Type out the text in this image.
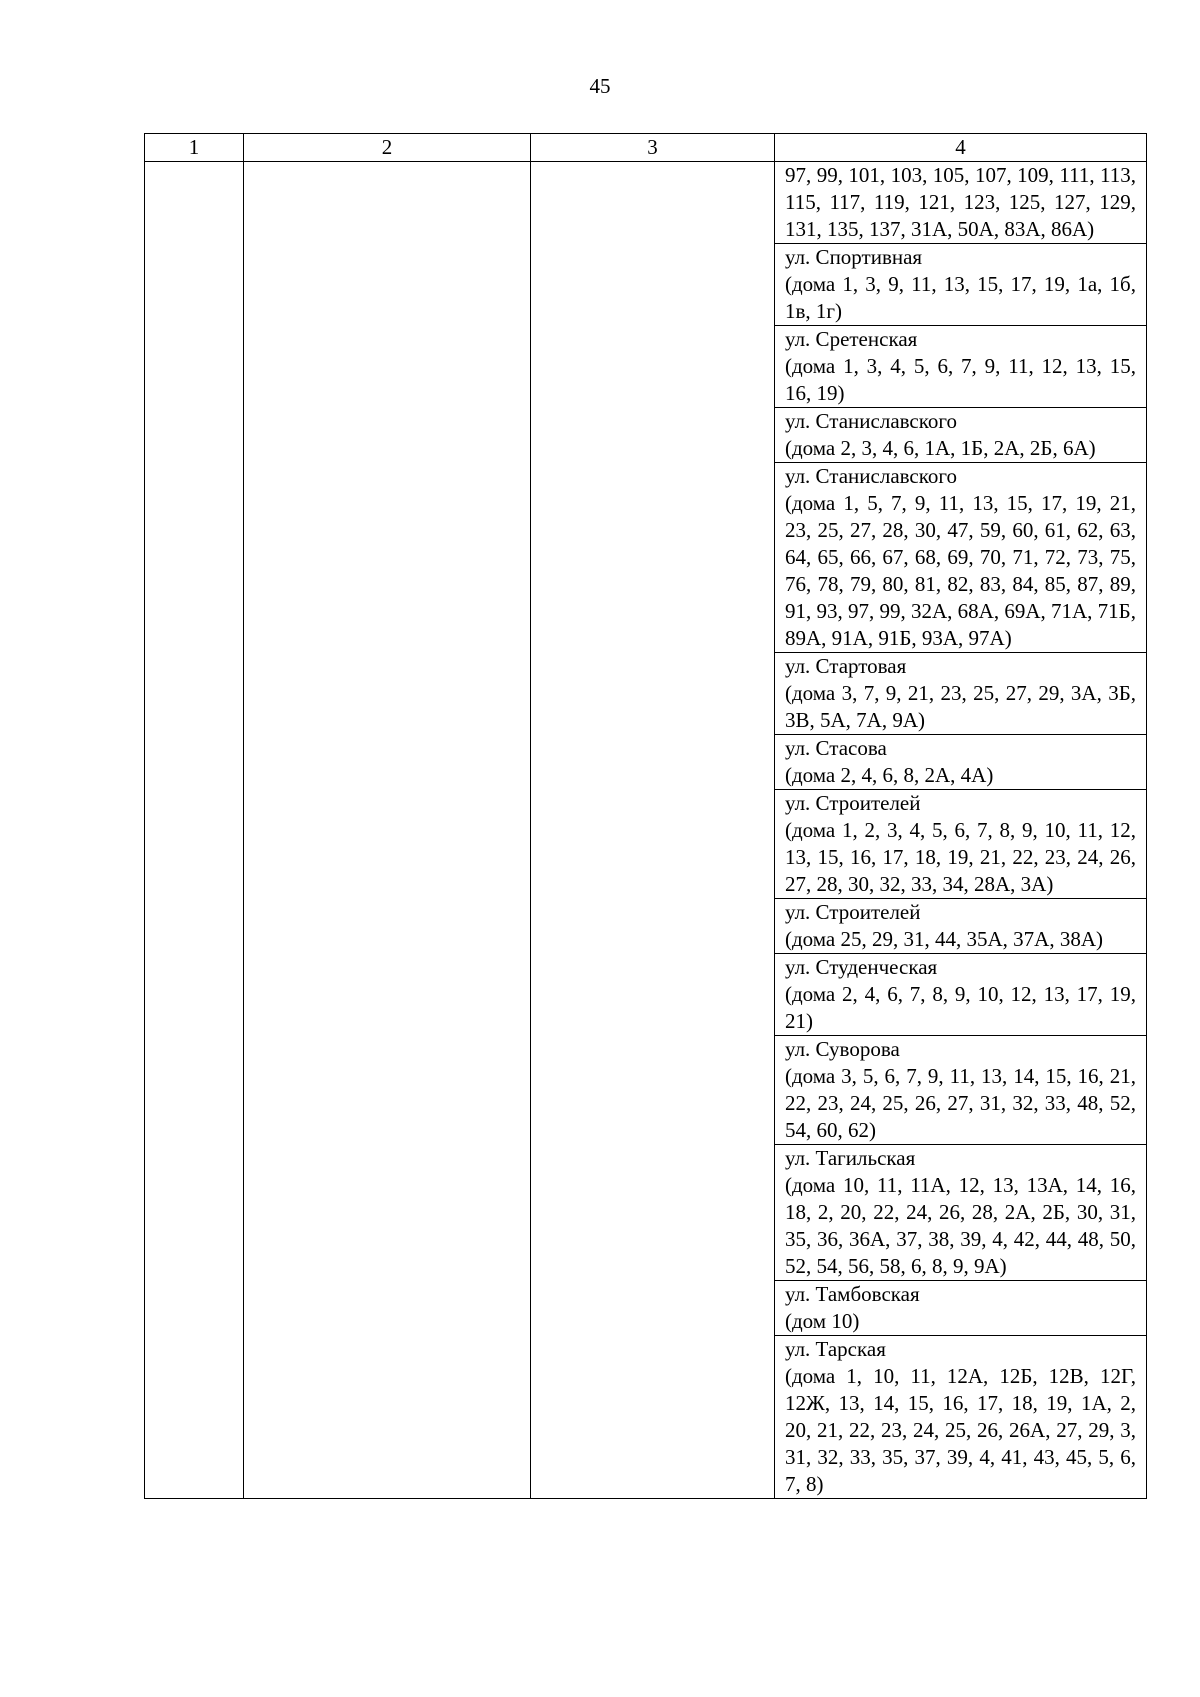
45
1	2	3	4

			97, 99, 101, 103, 105, 107, 109, 111, 113, 115, 117, 119, 121, 123, 125, 127, 129, 131, 135, 137, 31А, 50А, 83А, 86А)

			ул. Спортивная
(дома 1, 3, 9, 11, 13, 15, 17, 19, 1а, 1б, 1в, 1г)

			ул. Сретенская
(дома 1, 3, 4, 5, 6, 7, 9, 11, 12, 13, 15, 16, 19)

			ул. Станиславского
(дома 2, 3, 4, 6, 1А, 1Б, 2А, 2Б, 6А)

			ул. Станиславского
(дома 1, 5, 7, 9, 11, 13, 15, 17, 19, 21, 23, 25, 27, 28, 30, 47, 59, 60, 61, 62, 63, 64, 65, 66, 67, 68, 69, 70, 71, 72, 73, 75, 76, 78, 79, 80, 81, 82, 83, 84, 85, 87, 89, 91, 93, 97, 99, 32А, 68А, 69А, 71А, 71Б, 89А, 91А, 91Б, 93А, 97А)

			ул. Стартовая
(дома 3, 7, 9, 21, 23, 25, 27, 29, 3А, 3Б, 3В, 5А, 7А, 9А)

			ул. Стасова
(дома 2, 4, 6, 8, 2А, 4А)

			ул. Строителей
(дома 1, 2, 3, 4, 5, 6, 7, 8, 9, 10, 11, 12, 13, 15, 16, 17, 18, 19, 21, 22, 23, 24, 26, 27, 28, 30, 32, 33, 34, 28А, 3А)

			ул. Строителей
(дома 25, 29, 31, 44, 35А, 37А, 38А)

			ул. Студенческая
(дома 2, 4, 6, 7, 8, 9, 10, 12, 13, 17, 19, 21)

			ул. Суворова
(дома 3, 5, 6, 7, 9, 11, 13, 14, 15, 16, 21, 22, 23, 24, 25, 26, 27, 31, 32, 33, 48, 52, 54, 60, 62)

			ул. Тагильская
(дома 10, 11, 11А, 12, 13, 13А, 14, 16, 18, 2, 20, 22, 24, 26, 28, 2А, 2Б, 30, 31, 35, 36, 36А, 37, 38, 39, 4, 42, 44, 48, 50, 52, 54, 56, 58, 6, 8, 9, 9А)

			ул. Тамбовская
(дом 10)

			ул. Тарская
(дома 1, 10, 11, 12А, 12Б, 12В, 12Г, 12Ж, 13, 14, 15, 16, 17, 18, 19, 1А, 2, 20, 21, 22, 23, 24, 25, 26, 26А, 27, 29, 3, 31, 32, 33, 35, 37, 39, 4, 41, 43, 45, 5, 6, 7, 8)
